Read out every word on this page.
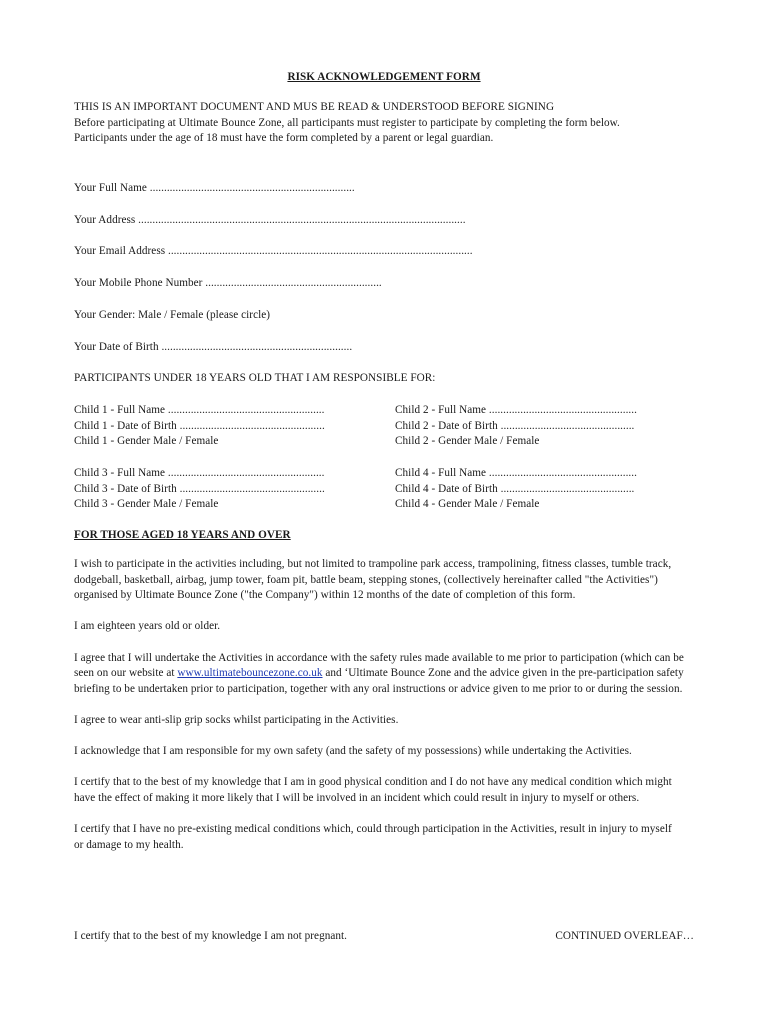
RISK ACKNOWLEDGEMENT FORM

THIS IS AN IMPORTANT DOCUMENT AND MUS BE READ & UNDERSTOOD BEFORE SIGNING

Before participating at Ultimate Bounce Zone, all participants must register to participate by completing the form below.

Participants under the age of 18 must have the form completed by a parent or legal guardian.

Your Full Name ........................................................................
Your Address ...................................................................................................................
Your Email Address ...........................................................................................................
Your Mobile Phone Number ..............................................................
Your Gender: Male / Female (please circle)
Your Date of Birth ...................................................................
PARTICIPANTS UNDER 18 YEARS OLD THAT I AM RESPONSIBLE FOR:
Child 1 - Full Name .......................................................
Child 1 - Date of Birth ...................................................
Child 1 - Gender Male / Female
Child 2 - Full Name ....................................................
Child 2 - Date of Birth ...............................................
Child 2 - Gender Male / Female
Child 3 - Full Name .......................................................
Child 3 - Date of Birth ...................................................
Child 3 - Gender Male / Female
Child 4 - Full Name ....................................................
Child 4 - Date of Birth ...............................................
Child 4 - Gender Male / Female
FOR THOSE AGED 18 YEARS AND OVER

I wish to participate in the activities including, but not limited to trampoline park access, trampolining, fitness classes, tumble track, dodgeball, basketball, airbag, jump tower, foam pit, battle beam, stepping stones, (collectively hereinafter called "the Activities") organised by Ultimate Bounce Zone ("the Company") within 12 months of the date of completion of this form.

I am eighteen years old or older.

I agree that I will undertake the Activities in accordance with the safety rules made available to me prior to participation (which can be seen on our website at www.ultimatebouncezone.co.uk and ‘Ultimate Bounce Zone and the advice given in the pre-participation safety briefing to be undertaken prior to participation, together with any oral instructions or advice given to me prior to or during the session.

I agree to wear anti-slip grip socks whilst participating in the Activities.

I acknowledge that I am responsible for my own safety (and the safety of my possessions) while undertaking the Activities.

I certify that to the best of my knowledge that I am in good physical condition and I do not have any medical condition which might have the effect of making it more likely that I will be involved in an incident which could result in injury to myself or others.

I certify that I have no pre-existing medical conditions which, could through participation in the Activities, result in injury to myself or damage to my health.

I certify that to the best of my knowledge I am not pregnant.	CONTINUED OVERLEAF…
